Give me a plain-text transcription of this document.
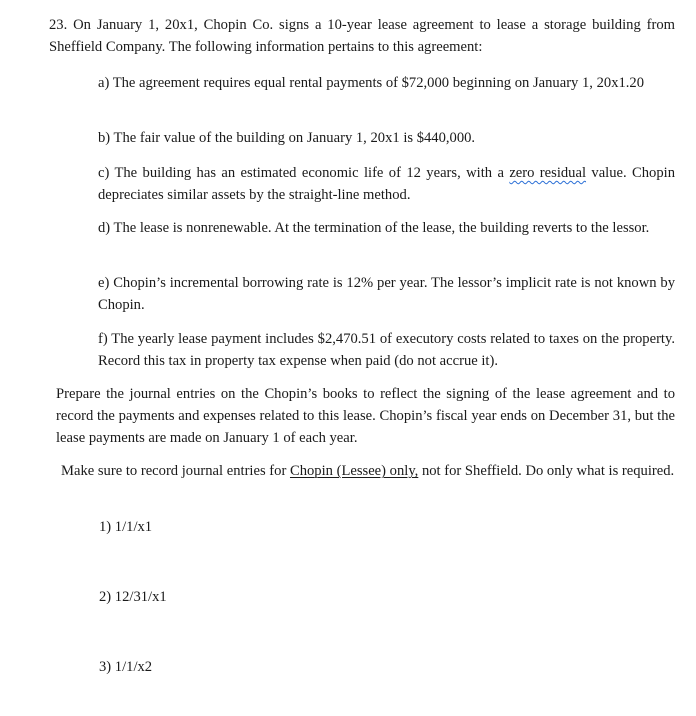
23. On January 1, 20x1, Chopin Co. signs a 10-year lease agreement to lease a storage building from Sheffield Company. The following information pertains to this agreement:

a) The agreement requires equal rental payments of $72,000 beginning on January 1, 20x1.20

b) The fair value of the building on January 1, 20x1 is $440,000.

c) The building has an estimated economic life of 12 years, with a zero residual value. Chopin depreciates similar assets by the straight-line method.

d) The lease is nonrenewable. At the termination of the lease, the building reverts to the lessor.

e) Chopin’s incremental borrowing rate is 12% per year. The lessor’s implicit rate is not known by Chopin.

f) The yearly lease payment includes $2,470.51 of executory costs related to taxes on the property. Record this tax in property tax expense when paid (do not accrue it).

Prepare the journal entries on the Chopin’s books to reflect the signing of the lease agreement and to record the payments and expenses related to this lease. Chopin’s fiscal year ends on December 31, but the lease payments are made on January 1 of each year.

Make sure to record journal entries for Chopin (Lessee) only, not for Sheffield. Do only what is required.

1) 1/1/x1

2) 12/31/x1

3) 1/1/x2
